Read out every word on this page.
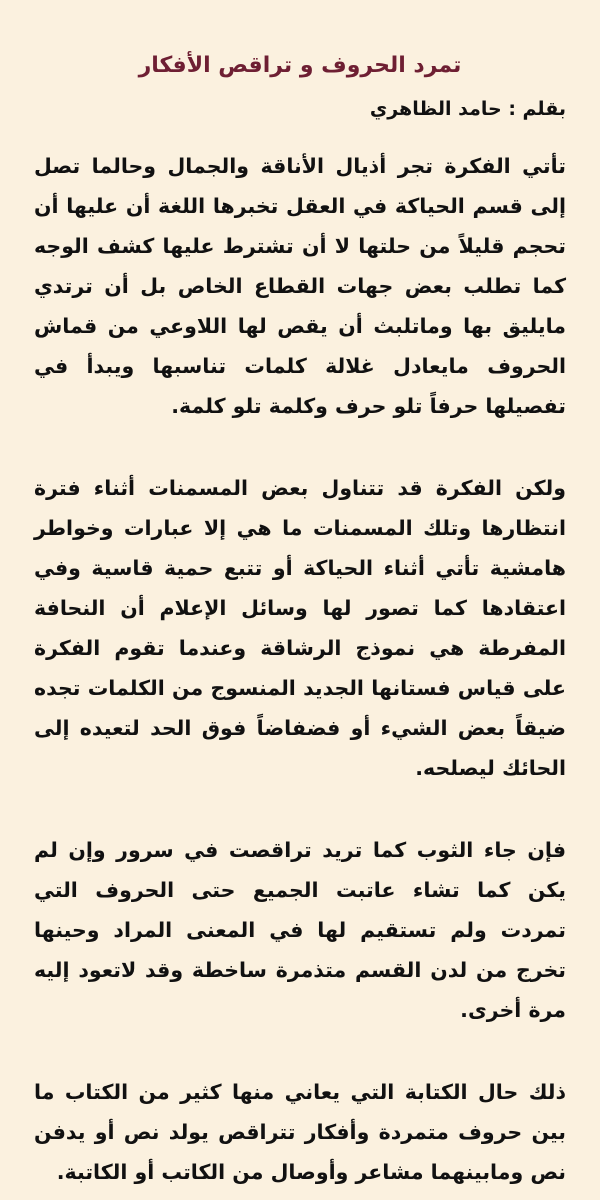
تمرد الحروف و تراقص الأفكار
بقلم : حامد الظاهري

تأتي الفكرة تجر أذيال الأناقة والجمال وحالما تصل إلى قسم الحياكة في العقل تخبرها اللغة أن عليها أن تحجم قليلاً من حلتها لا أن تشترط عليها كشف الوجه كما تطلب بعض جهات القطاع الخاص بل أن ترتدي مايليق بها وماتلبث أن يقص لها اللاوعي من قماش الحروف مايعادل غلالة كلمات تناسبها ويبدأ في تفصيلها حرفاً تلو حرف وكلمة تلو كلمة.

ولكن الفكرة قد تتناول بعض المسمنات أثناء فترة انتظارها وتلك المسمنات ما هي إلا عبارات وخواطر هامشية تأتي أثناء الحياكة أو تتبع حمية قاسية وفي اعتقادها كما تصور لها وسائل الإعلام أن النحافة المفرطة هي نموذج الرشاقة وعندما تقوم الفكرة على قياس فستانها الجديد المنسوج من الكلمات تجده ضيقاً بعض الشيء أو فضفاضاً فوق الحد لتعيده إلى الحائك ليصلحه.

فإن جاء الثوب كما تريد تراقصت في سرور وإن لم يكن كما تشاء عاتبت الجميع حتى الحروف التي تمردت ولم تستقيم لها في المعنى المراد وحينها تخرج من لدن القسم متذمرة ساخطة وقد لاتعود إليه مرة أخرى.

ذلك حال الكتابة التي يعاني منها كثير من الكتاب ما بين حروف متمردة وأفكار تتراقص يولد نص أو يدفن نص ومابينهما مشاعر وأوصال من الكاتب أو الكاتبة.
